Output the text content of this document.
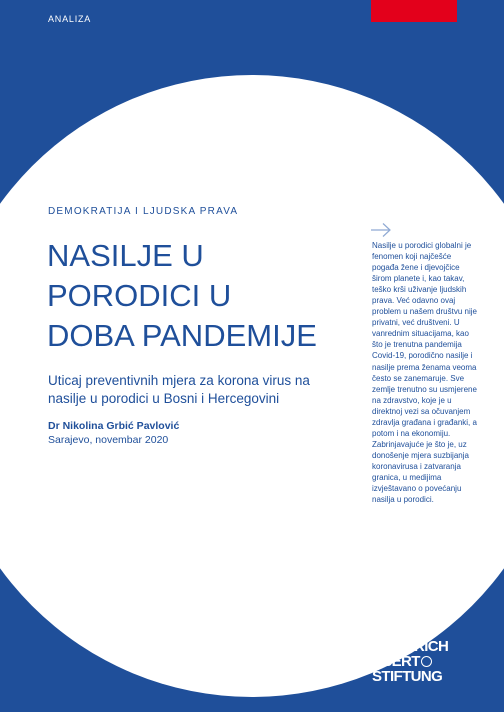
ANALIZA
DEMOKRATIJA I LJUDSKA PRAVA
NASILJE U
PORODICI U
DOBA PANDEMIJE

Uticaj preventivnih mjera za korona virus na nasilje u porodici u Bosni i Hercegovini

Dr Nikolina Grbić Pavlović
Sarajevo, novembar 2020

Nasilje u porodici globalni je fenomen koji najčešće pogađa žene i djevojčice širom planete i, kao takav, teško krši uživanje ljudskih prava. Već odavno ovaj problem u našem društvu nije privatni, već društveni. U vanrednim situacijama, kao što je trenutna pandemija Covid-19, porodično nasilje i nasilje prema ženama veoma često se zanemaruje. Sve zemlje trenutno su usmjerene na zdravstvo, koje je u direktnoj vezi sa očuvanjem zdravlja građana i građanki, a potom i na ekonomiju. Zabrinjavajuće je što je, uz donošenje mjera suzbijanja koronavirusa i zatvaranja granica, u medijima izvještavano o povećanju nasilja u porodici.

FRIEDRICH
EBERT
STIFTUNG
